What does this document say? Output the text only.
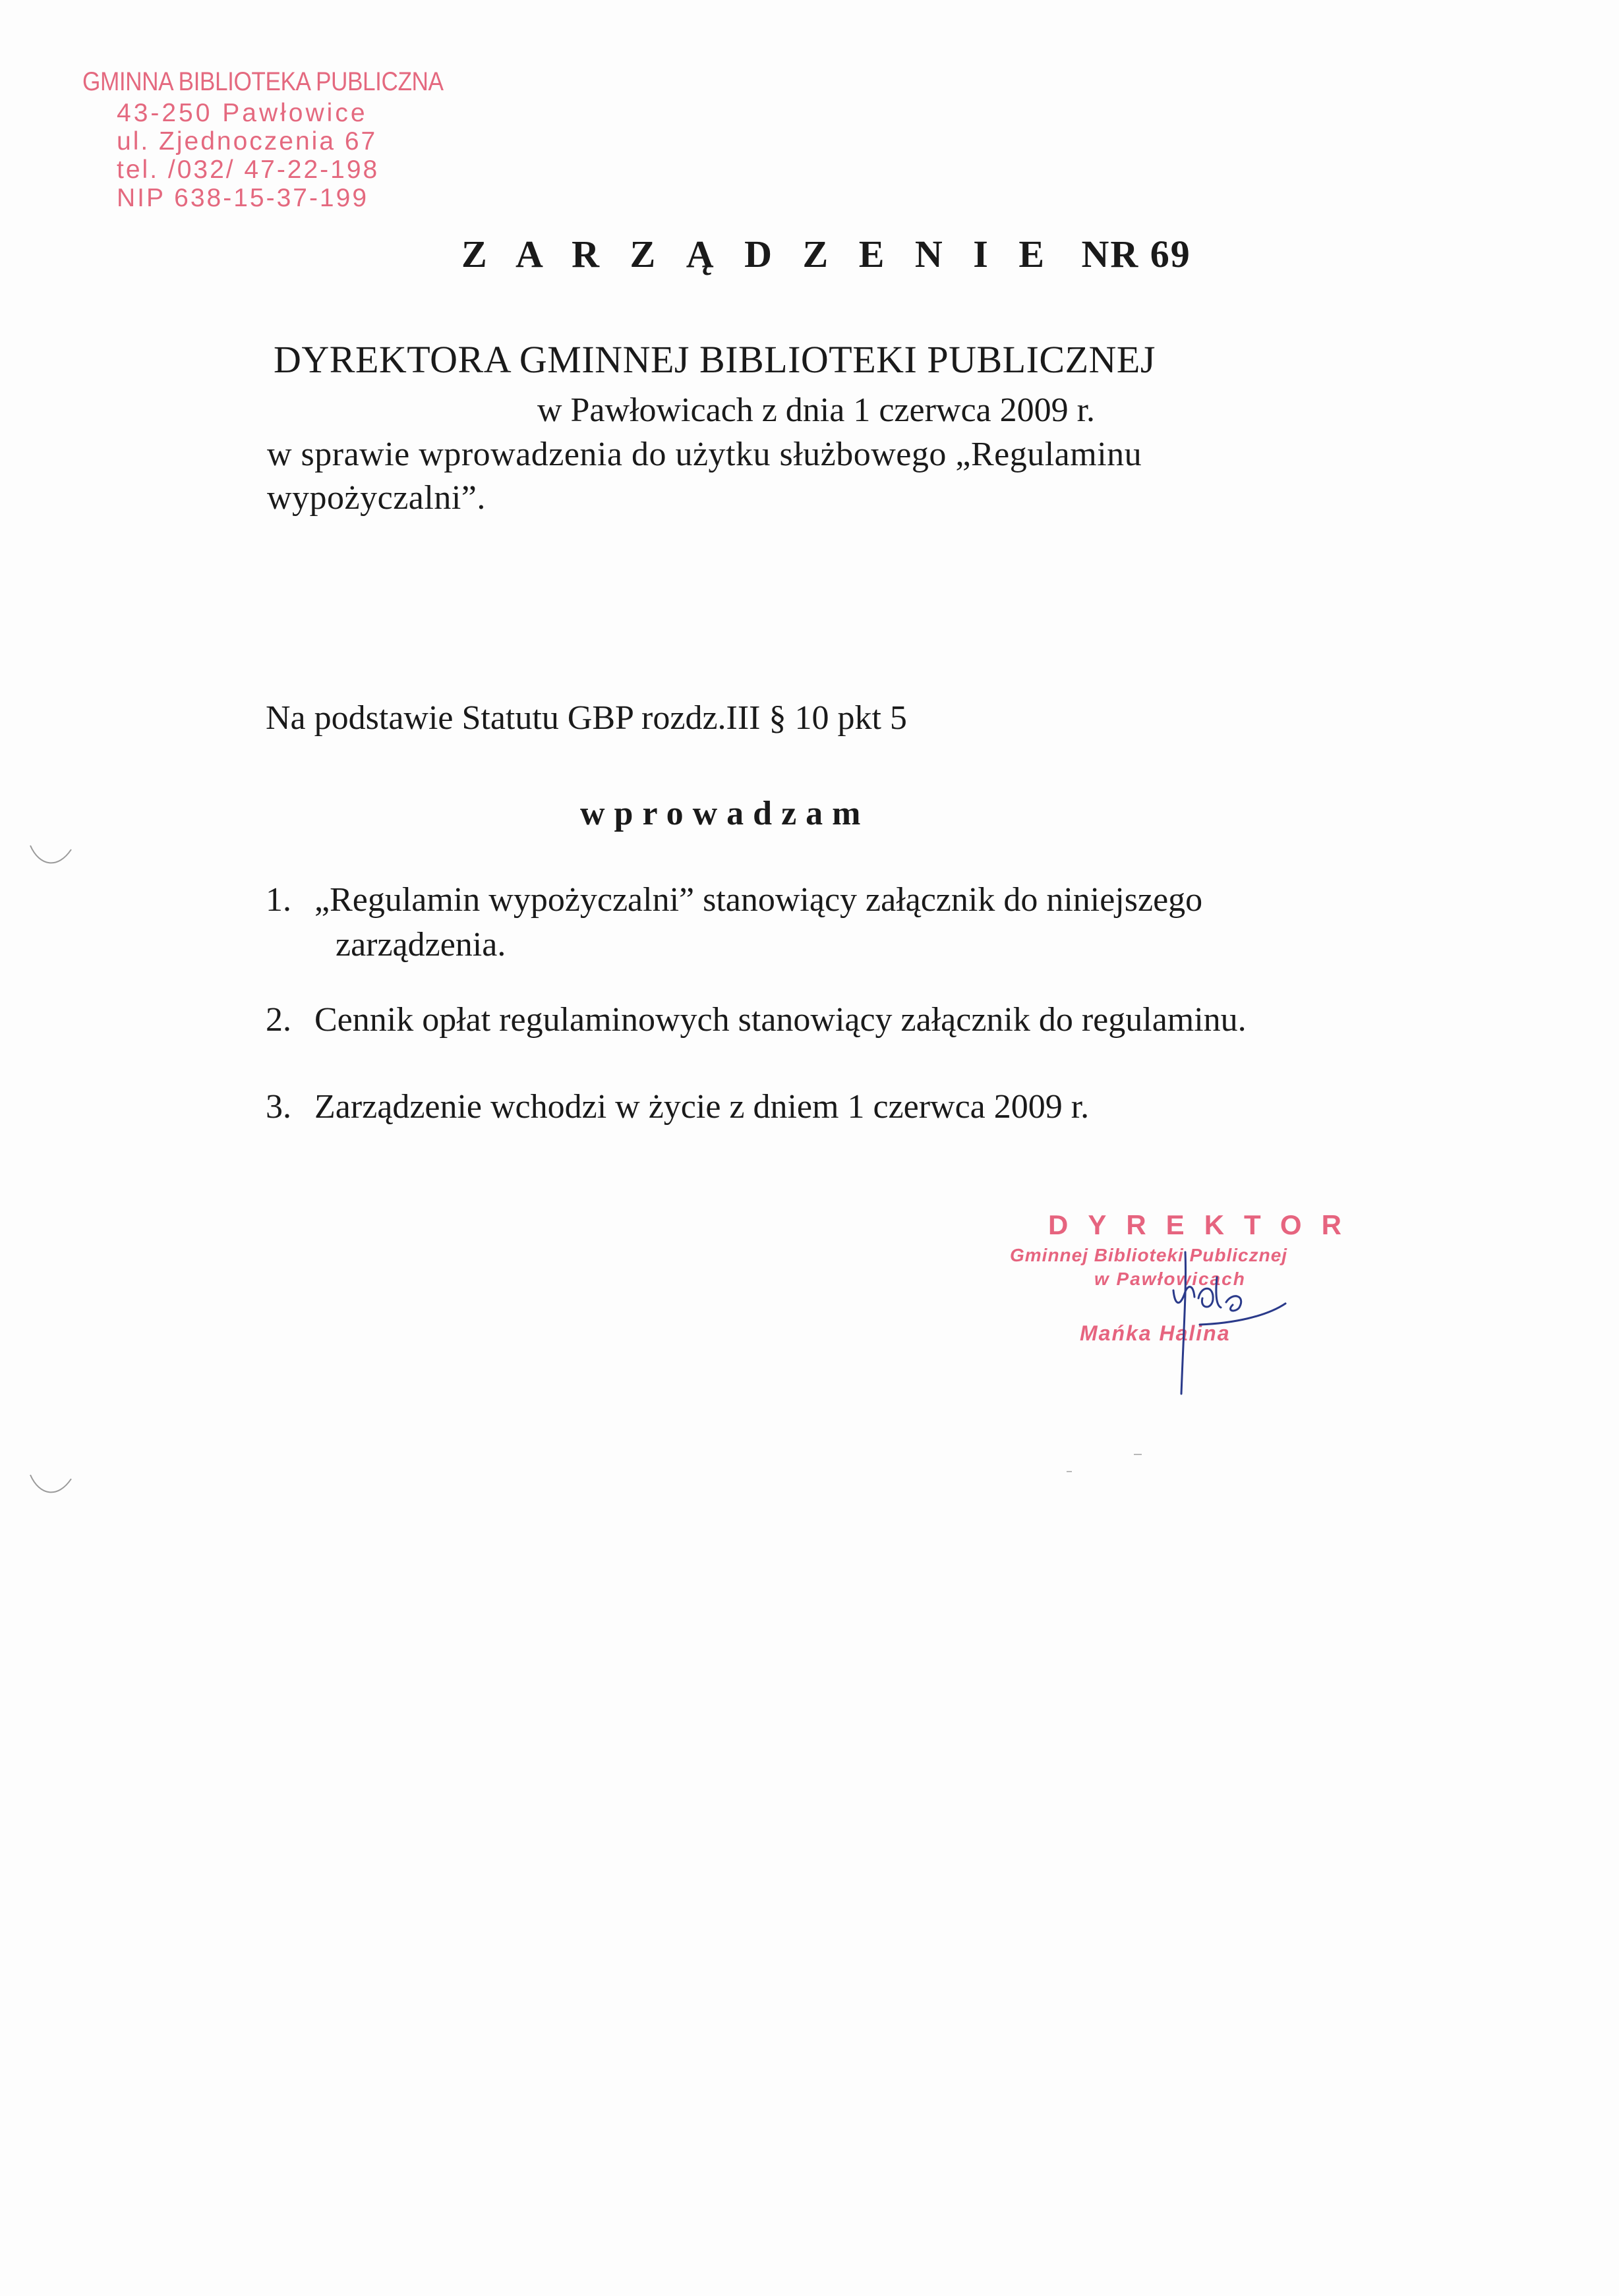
GMINNA BIBLIOTEKA PUBLICZNA
43-250 Pawłowice
ul. Zjednoczenia 67
tel. /032/ 47-22-198
NIP 638-15-37-199
Z A R Z Ą D Z E N I E NR 69
DYREKTORA GMINNEJ BIBLIOTEKI PUBLICZNEJ
w Pawłowicach z dnia 1 czerwca 2009 r.
w sprawie wprowadzenia do użytku służbowego „Regulaminu
wypożyczalni”.
Na podstawie Statutu GBP rozdz.III § 10 pkt 5
wprowadzam
1. „Regulamin wypożyczalni” stanowiący załącznik do niniejszego
zarządzenia.
2. Cennik opłat regulaminowych stanowiący załącznik do regulaminu.
3. Zarządzenie wchodzi w życie z dniem 1 czerwca 2009 r.
DYREKTOR
Gminnej Biblioteki Publicznej
w Pawłowicach
Mańka Halina
